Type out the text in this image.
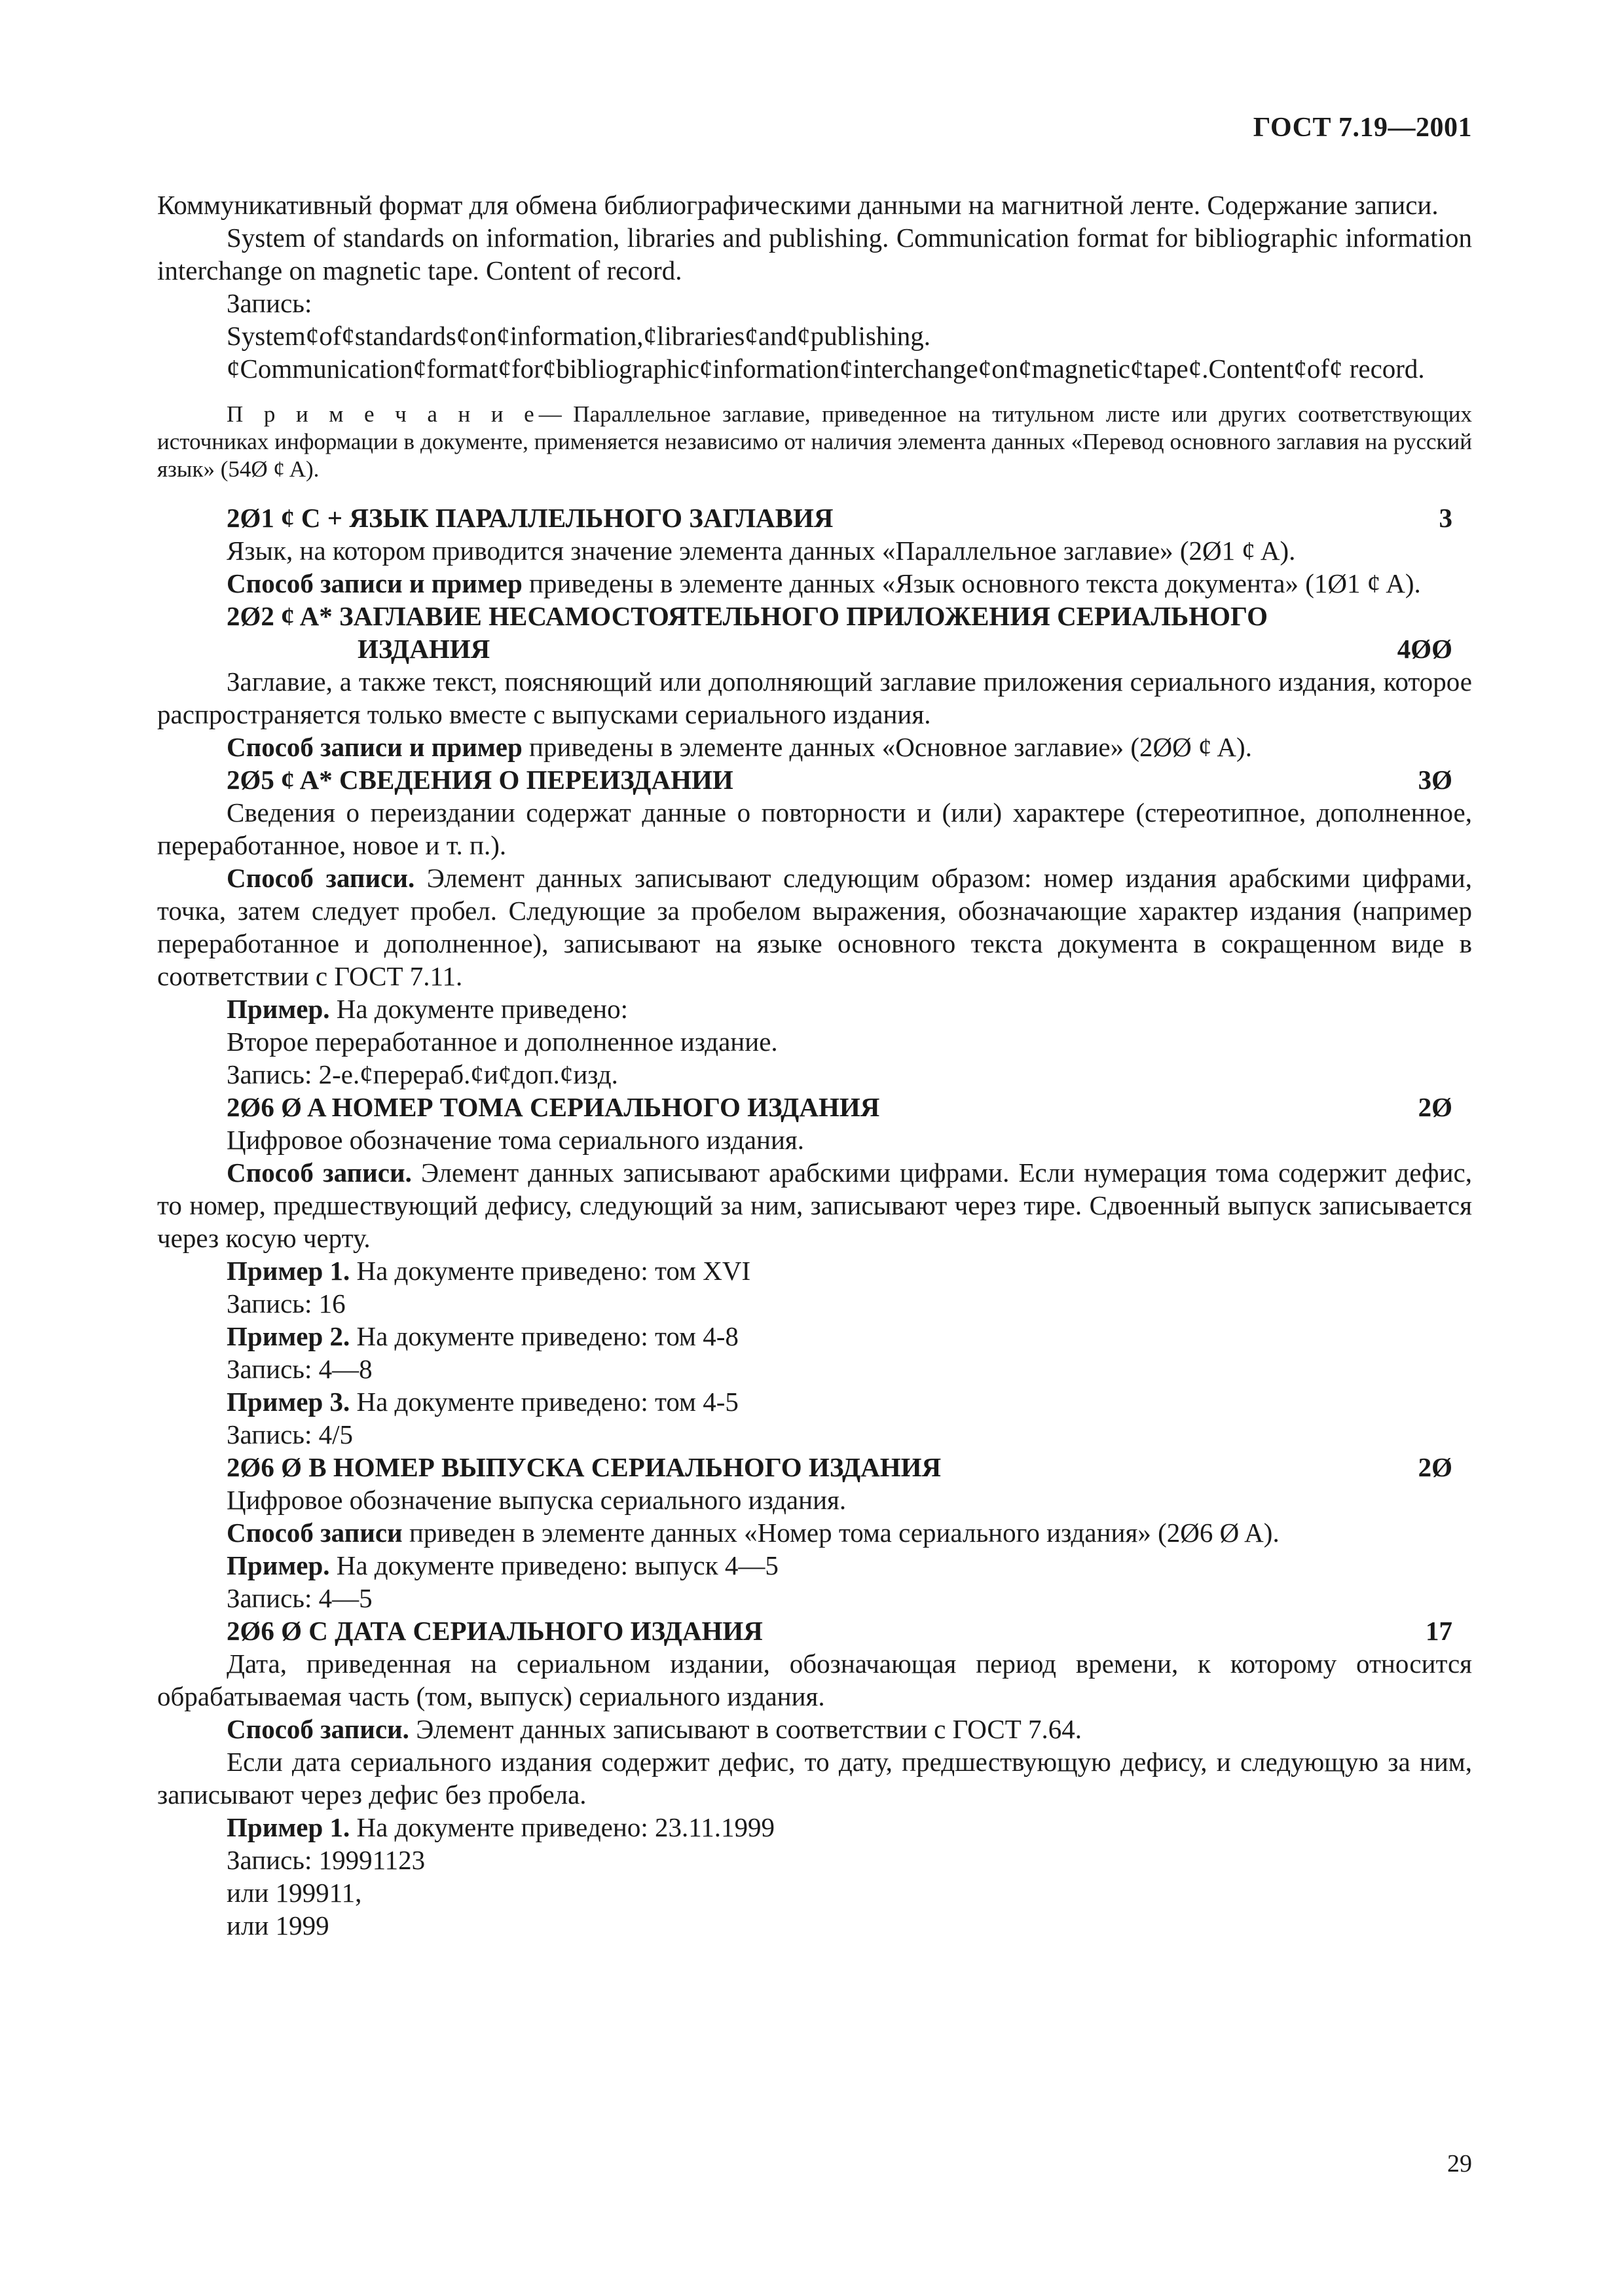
ГОСТ 7.19—2001

Коммуникативный формат для обмена библиографическими данными на магнитной ленте. Содержание записи.

System of standards on information, libraries and publishing. Communication format for bibliographic information interchange on magnetic tape. Content of record.

Запись:

System⁠ȼof⁠ȼstandards⁠ȼon⁠ȼinformation,⁠ȼlibraries⁠ȼand⁠ȼpublishing.

ȼCommunication⁠ȼformat⁠ȼfor⁠ȼbibliographic⁠ȼinformation⁠ȼinterchange⁠ȼon⁠ȼmagnetic⁠ȼtape⁠ȼ.Content⁠ȼof⁠ȼ record.

П р и м е ч а н и е— Параллельное заглавие, приведенное на титульном листе или других соответствующих источниках информации в документе, применяется независимо от наличия элемента данных «Перевод основного заглавия на русский язык» (54Ø ȼ A).

2Ø1 ȼ C + ЯЗЫК ПАРАЛЛЕЛЬНОГО ЗАГЛАВИЯ	3

Язык, на котором приводится значение элемента данных «Параллельное заглавие» (2Ø1 ȼ A).

Способ записи и пример приведены в элементе данных «Язык основного текста документа» (1Ø1 ȼ A).

2Ø2 ȼ A* ЗАГЛАВИЕ НЕСАМОСТОЯТЕЛЬНОГО ПРИЛОЖЕНИЯ СЕРИАЛЬНОГО
ИЗДАНИЯ	4ØØ

Заглавие, а также текст, поясняющий или дополняющий заглавие приложения сериального издания, которое распространяется только вместе с выпусками сериального издания.

Способ записи и пример приведены в элементе данных «Основное заглавие» (2ØØ ȼ A).

2Ø5 ȼ A* СВЕДЕНИЯ О ПЕРЕИЗДАНИИ	3Ø

Сведения о переиздании содержат данные о повторности и (или) характере (стереотипное, дополненное, переработанное, новое и т. п.).

Способ записи. Элемент данных записывают следующим образом: номер издания арабскими цифрами, точка, затем следует пробел. Следующие за пробелом выражения, обозначающие характер издания (например переработанное и дополненное), записывают на языке основного текста документа в сокращенном виде в соответствии с ГОСТ 7.11.

Пример. На документе приведено:

Второе переработанное и дополненное издание.

Запись: 2-е.ȼперераб.ȼи⁠ȼдоп.ȼизд.

2Ø6 Ø A НОМЕР ТОМА СЕРИАЛЬНОГО ИЗДАНИЯ	2Ø

Цифровое обозначение тома сериального издания.

Способ записи. Элемент данных записывают арабскими цифрами. Если нумерация тома содержит дефис, то номер, предшествующий дефису, следующий за ним, записывают через тире. Сдвоенный выпуск записывается через косую черту.

Пример 1. На документе приведено: том XVI

Запись: 16

Пример 2. На документе приведено: том 4-8

Запись: 4—8

Пример 3. На документе приведено: том 4-5

Запись: 4/5

2Ø6 Ø B НОМЕР ВЫПУСКА СЕРИАЛЬНОГО ИЗДАНИЯ	2Ø

Цифровое обозначение выпуска сериального издания.

Способ записи приведен в элементе данных «Номер тома сериального издания» (2Ø6 Ø A).

Пример. На документе приведено: выпуск 4—5

Запись: 4—5

2Ø6 Ø C ДАТА СЕРИАЛЬНОГО ИЗДАНИЯ	17

Дата, приведенная на сериальном издании, обозначающая период времени, к которому относится обрабатываемая часть (том, выпуск) сериального издания.

Способ записи. Элемент данных записывают в соответствии с ГОСТ 7.64.

Если дата сериального издания содержит дефис, то дату, предшествующую дефису, и следующую за ним, записывают через дефис без пробела.

Пример 1. На документе приведено: 23.11.1999

Запись: 19991123

или 199911,

или 1999

29
